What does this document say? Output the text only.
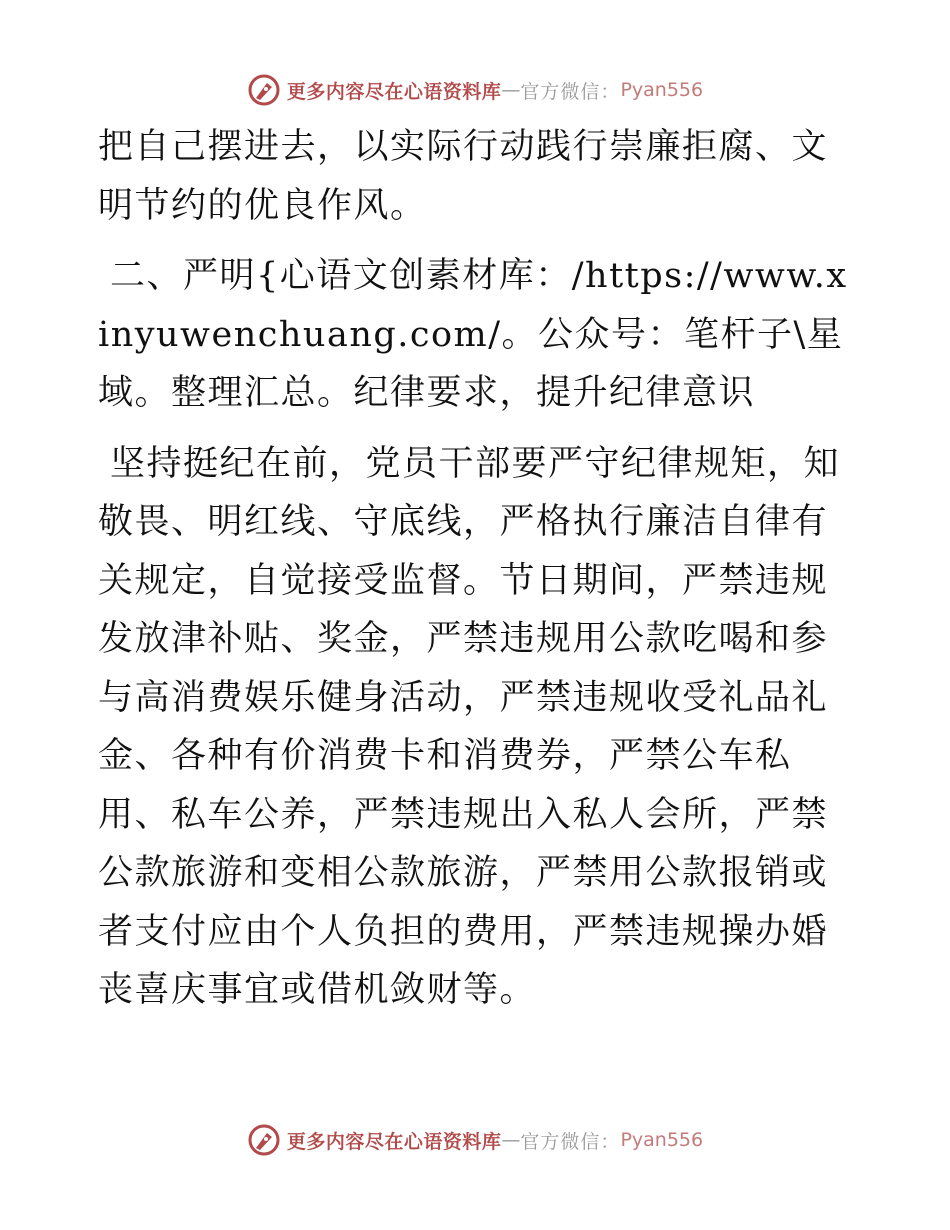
更多内容尽在心语资料库 — 官方微信： Pyan556

把自己摆进去，以实际行动践行崇廉拒腐、文明节约的优良作风。

二、严明{心语文创素材库：/https://www.xinyuwenchuang.com/。公众号：笔杆子\星域。整理汇总。纪律要求，提升纪律意识

坚持挺纪在前，党员干部要严守纪律规矩，知敬畏、明红线、守底线，严格执行廉洁自律有关规定，自觉接受监督。节日期间，严禁违规发放津补贴、奖金，严禁违规用公款吃喝和参与高消费娱乐健身活动，严禁违规收受礼品礼金、各种有价消费卡和消费券，严禁公车私用、私车公养，严禁违规出入私人会所，严禁公款旅游和变相公款旅游，严禁用公款报销或者支付应由个人负担的费用，严禁违规操办婚丧喜庆事宜或借机敛财等。

更多内容尽在心语资料库 — 官方微信： Pyan556
